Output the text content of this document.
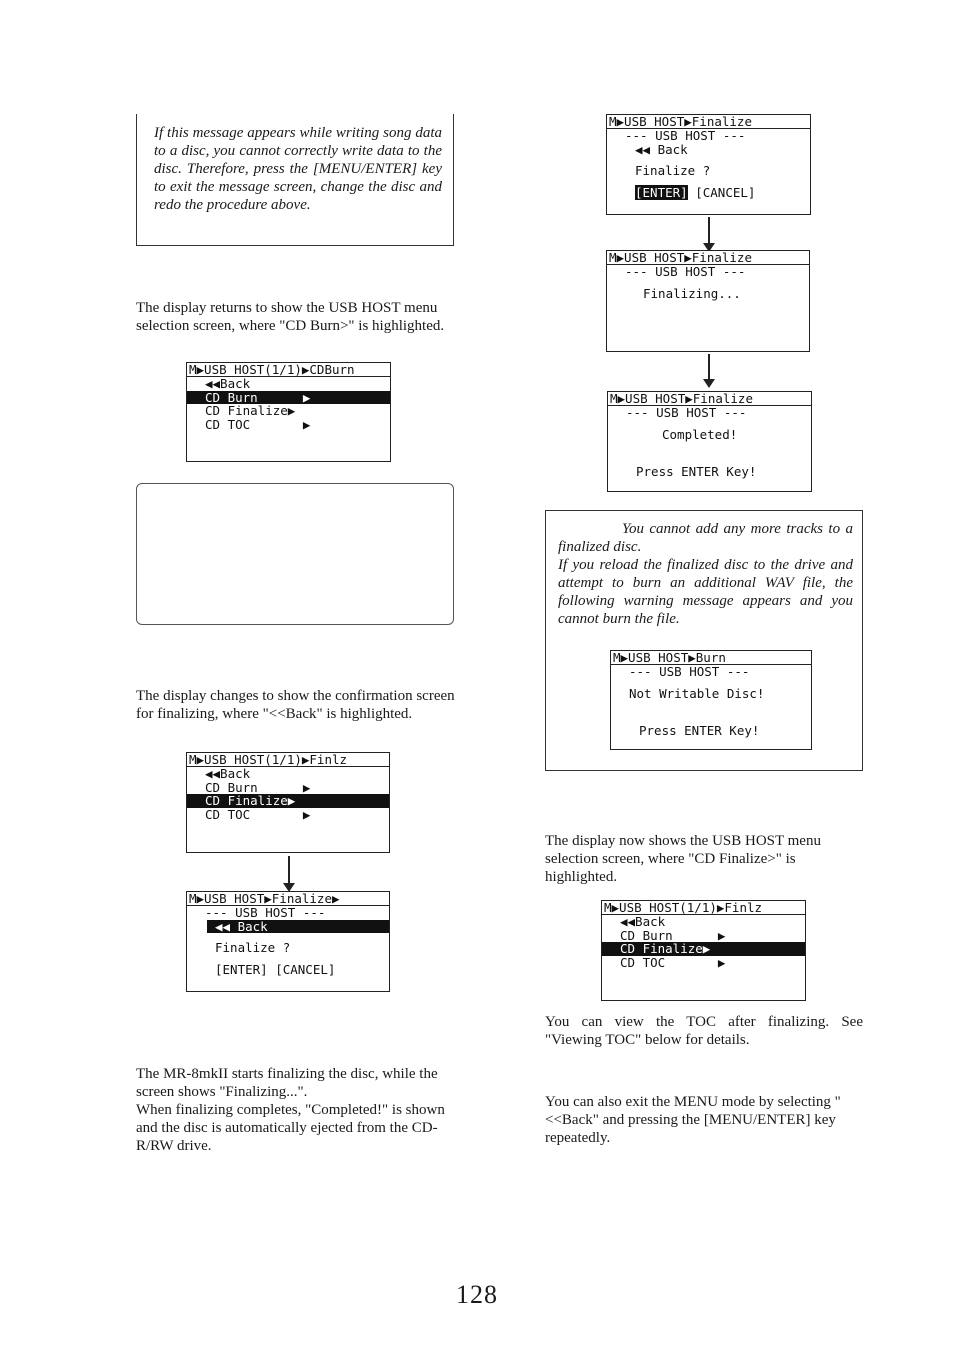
If this message appears while writing song data to a disc, you cannot correctly write data to the disc. Therefore, press the [MENU/ENTER] key to exit the message screen, change the disc and redo the procedure above.

The display returns to show the USB HOST menu selection screen, where "CD Burn>" is highlighted.

M▶USB HOST(1/1)▶CDBurn
◀◀Back
CD Burn      ▶
⇕
CD Finalize▶
CD TOC       ▶

The display changes to show the confirmation screen for finalizing, where "<<Back" is highlighted.

M▶USB HOST(1/1)▶Finlz
◀◀Back
CD Burn      ▶
CD Finalize▶
⇕
CD TOC       ▶
M▶USB HOST▶Finalize▶
--- USB HOST ---
◀◀ Back
Finalize ?
[ENTER] [CANCEL]

The MR-8mkII starts finalizing the disc, while the screen shows "Finalizing...".

When finalizing completes, "Completed!" is shown and the disc is automatically ejected from the CD-R/RW drive.

M▶USB HOST▶Finalize
--- USB HOST ---
◀◀ Back
Finalize ?
[ENTER] [CANCEL]
M▶USB HOST▶Finalize
--- USB HOST ---
Finalizing...
M▶USB HOST▶Finalize
--- USB HOST ---
Completed!
Press ENTER Key!

You cannot add any more tracks to a finalized disc.

If you reload the finalized disc to the drive and attempt to burn an additional WAV file, the following warning message appears and you cannot burn the file.

M▶USB HOST▶Burn
--- USB HOST ---
Not Writable Disc!
Press ENTER Key!

The display now shows the USB HOST menu selection screen, where "CD Finalize>" is highlighted.

M▶USB HOST(1/1)▶Finlz
◀◀Back
CD Burn      ▶
CD Finalize▶
⇕
CD TOC       ▶

You can view the TOC after finalizing. See "Viewing TOC" below for details.

You can also exit the MENU mode by selecting "<<Back" and pressing the [MENU/ENTER] key repeatedly.

128
